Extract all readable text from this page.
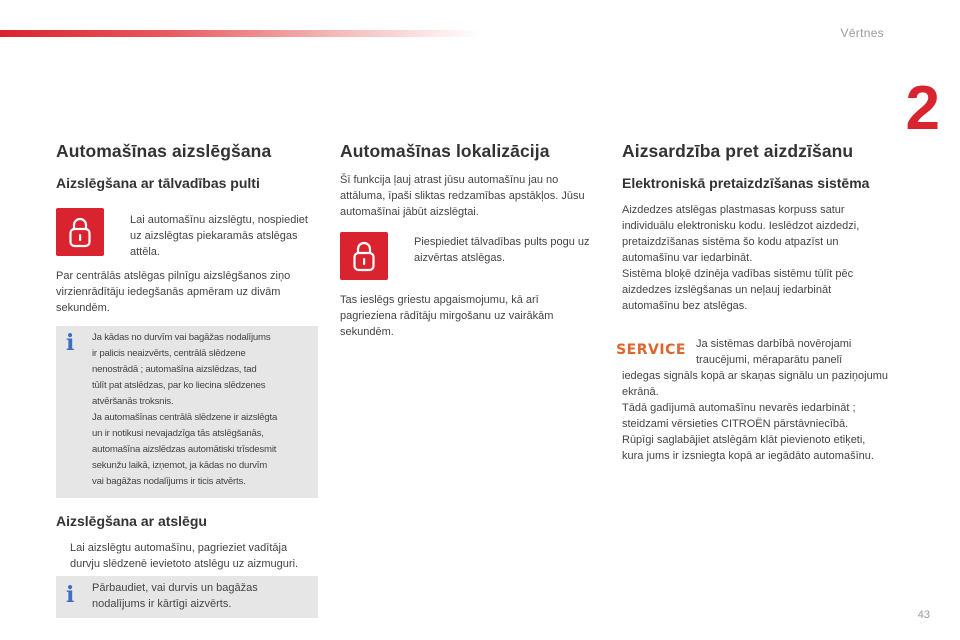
Vērtnes
2
43
Automašīnas aizslēgšana
Aizslēgšana ar tālvadības pulti

Lai automašīnu aizslēgtu, nospiediet uz aizslēgtas piekaramās atslēgas attēla.

Par centrālās atslēgas pilnīgu aizslēgšanos ziņo virzienrādītāju iedegšanās apmēram uz divām sekundēm.

i Ja kādas no durvīm vai bagāžas nodalījums
ir palicis neaizvērts, centrālā slēdzene
nenostrādā ; automašīna aizslēdzas, tad
tūlīt pat atslēdzas, par ko liecina slēdzenes
atvēršanās troksnis.
Ja automašīnas centrālā slēdzene ir aizslēgta
un ir notikusi nevajadzīga tās atslēgšanās,
automašīna aizslēdzas automātiski trīsdesmit
sekunžu laikā, izņemot, ja kādas no durvīm
vai bagāžas nodalījums ir ticis atvērts.
Aizslēgšana ar atslēgu

Lai aizslēgtu automašīnu, pagrieziet vadītāja durvju slēdzenē ievietoto atslēgu uz aizmuguri.

i Pārbaudiet, vai durvis un bagāžas nodalījums ir kārtīgi aizvērts.

Automašīnas lokalizācija

Šī funkcija ļauj atrast jūsu automašīnu jau no attāluma, īpaši sliktas redzamības apstākļos. Jūsu automašīnai jābūt aizslēgtai.

Piespiediet tālvadības pults pogu uz aizvērtas atslēgas.

Tas ieslēgs griestu apgaismojumu, kā arī pagrieziena rādītāju mirgošanu uz vairākām sekundēm.

Aizsardzība pret aizdzīšanu
Elektroniskā pretaizdzīšanas sistēma

Aizdedzes atslēgas plastmasas korpuss satur individuālu elektronisku kodu. Ieslēdzot aizdedzi, pretaizdzīšanas sistēma šo kodu atpazīst un automašīnu var iedarbināt.

Sistēma bloķē dzinēja vadības sistēmu tūlīt pēc aizdedzes izslēgšanas un neļauj iedarbināt automašīnu bez atslēgas.

SERVICE Ja sistēmas darbībā novērojami traucējumi, mēraparātu panelī

iedegas signāls kopā ar skaņas signālu un paziņojumu ekrānā.

Tādā gadījumā automašīnu nevarēs iedarbināt ; steidzami vērsieties CITROËN pārstāvniecībā.

Rūpīgi saglabājiet atslēgām klāt pievienoto etiķeti, kura jums ir izsniegta kopā ar iegādāto automašīnu.
